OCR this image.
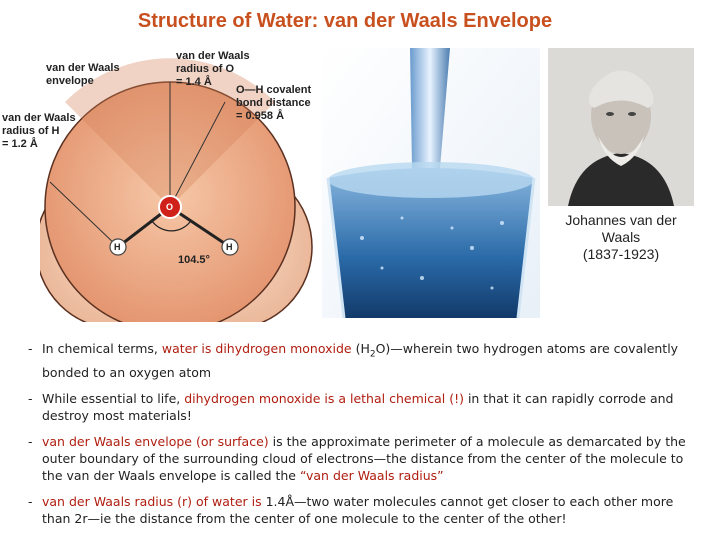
Structure of Water: van der Waals Envelope
O
H	H
104.5°
van der Waals envelope
van der Waals
radius of O
= 1.4 Å
O—H covalent
bond distance
= 0.958 Å
van der Waals
radius of H
= 1.2 Å
Johannes van der
Waals
(1837-1923)
- In chemical terms, water is dihydrogen monoxide $(H_2O)—wherein$ two hydrogen atoms are covalently bonded to an oxygen atom
- While essential to life, dihydrogen monoxide is a lethal chemical (!) in that it can rapidly corrode and destroy most materials!
- van der Waals envelope (or surface) is the approximate perimeter of a molecule as demarcated by the outer boundary of the surrounding cloud of electrons—the distance from the center of the molecule to the van der Waals envelope is called the “van der Waals radius”
- van der Waals radius (r) of water is 1.4Å—two water molecules cannot get closer to each other more than 2r—ie the distance from the center of one molecule to the center of the other!
